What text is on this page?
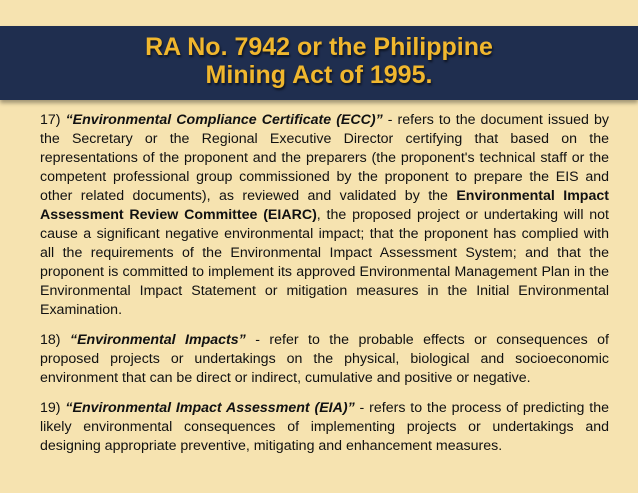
RA No. 7942 or the Philippine
Mining Act of 1995.

17) “Environmental Compliance Certificate (ECC)” - refers to the document issued by the Secretary or the Regional Executive Director certifying that based on the representations of the proponent and the preparers (the proponent's technical staff or the competent professional group commissioned by the proponent to prepare the EIS and other related documents), as reviewed and validated by the Environmental Impact Assessment Review Committee (EIARC), the proposed project or undertaking will not cause a significant negative environmental impact; that the proponent has complied with all the requirements of the Environmental Impact Assessment System; and that the proponent is committed to implement its approved Environmental Management Plan in the Environmental Impact Statement or mitigation measures in the Initial Environmental Examination.

18) “Environmental Impacts” - refer to the probable effects or consequences of proposed projects or undertakings on the physical, biological and socioeconomic environment that can be direct or indirect, cumulative and positive or negative.

19) “Environmental Impact Assessment (EIA)” - refers to the process of predicting the likely environmental consequences of implementing projects or undertakings and designing appropriate preventive, mitigating and enhancement measures.
